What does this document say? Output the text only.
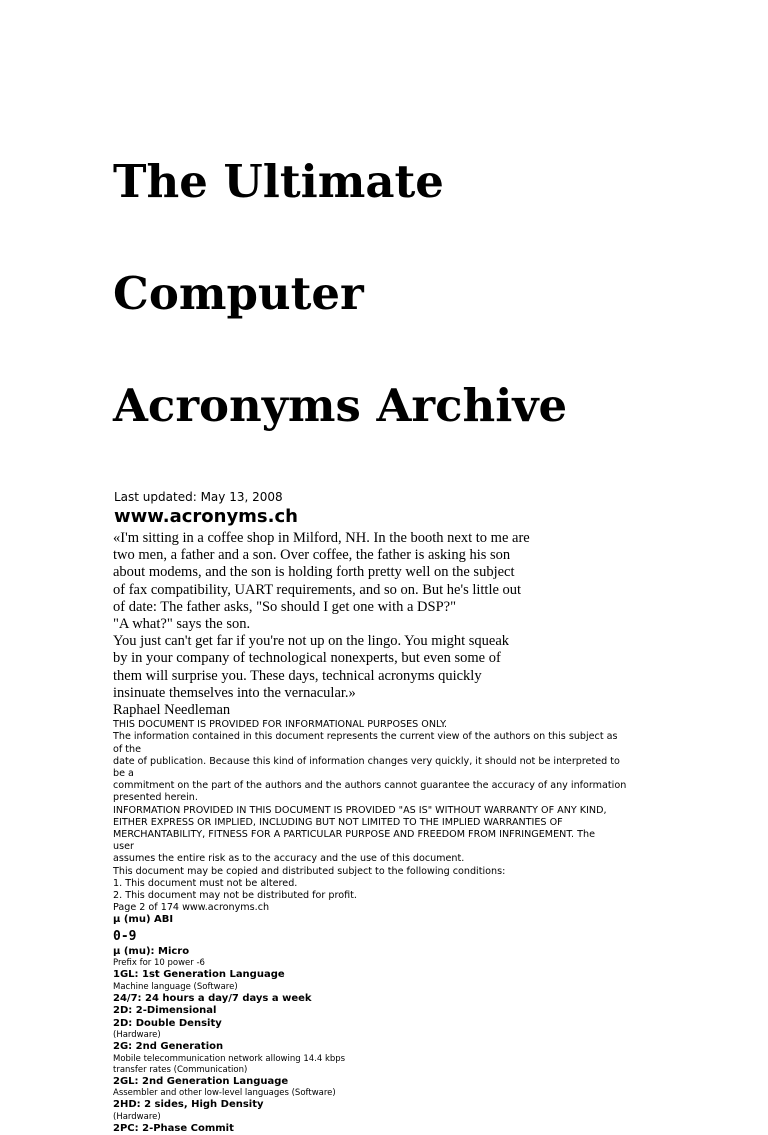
The Ultimate

Computer

Acronyms Archive

Last updated: May 13, 2008
www.acronyms.ch
«I'm sitting in a coffee shop in Milford, NH. In the booth next to me are
two men, a father and a son. Over coffee, the father is asking his son
about modems, and the son is holding forth pretty well on the subject
of fax compatibility, UART requirements, and so on. But he's little out
of date: The father asks, "So should I get one with a DSP?"
"A what?" says the son.
You just can't get far if you're not up on the lingo. You might squeak
by in your company of technological nonexperts, but even some of
them will surprise you. These days, technical acronyms quickly
insinuate themselves into the vernacular.»
Raphael Needleman
THIS DOCUMENT IS PROVIDED FOR INFORMATIONAL PURPOSES ONLY.
The information contained in this document represents the current view of the authors on this subject as
of the
date of publication. Because this kind of information changes very quickly, it should not be interpreted to
be a
commitment on the part of the authors and the authors cannot guarantee the accuracy of any information
presented herein.
INFORMATION PROVIDED IN THIS DOCUMENT IS PROVIDED "AS IS" WITHOUT WARRANTY OF ANY KIND,
EITHER EXPRESS OR IMPLIED, INCLUDING BUT NOT LIMITED TO THE IMPLIED WARRANTIES OF
MERCHANTABILITY, FITNESS FOR A PARTICULAR PURPOSE AND FREEDOM FROM INFRINGEMENT. The
user
assumes the entire risk as to the accuracy and the use of this document.
This document may be copied and distributed subject to the following conditions:
1. This document must not be altered.
2. This document may not be distributed for profit.
Page 2 of 174 www.acronyms.ch
µ (mu) ABI
0-9
µ (mu): Micro
Prefix for 10 power -6
1GL: 1st Generation Language
Machine language (Software)
24/7: 24 hours a day/7 days a week
2D: 2-Dimensional
2D: Double Density
(Hardware)
2G: 2nd Generation
Mobile telecommunication network allowing 14.4 kbps
transfer rates (Communication)
2GL: 2nd Generation Language
Assembler and other low-level languages (Software)
2HD: 2 sides, High Density
(Hardware)
2PC: 2-Phase Commit
